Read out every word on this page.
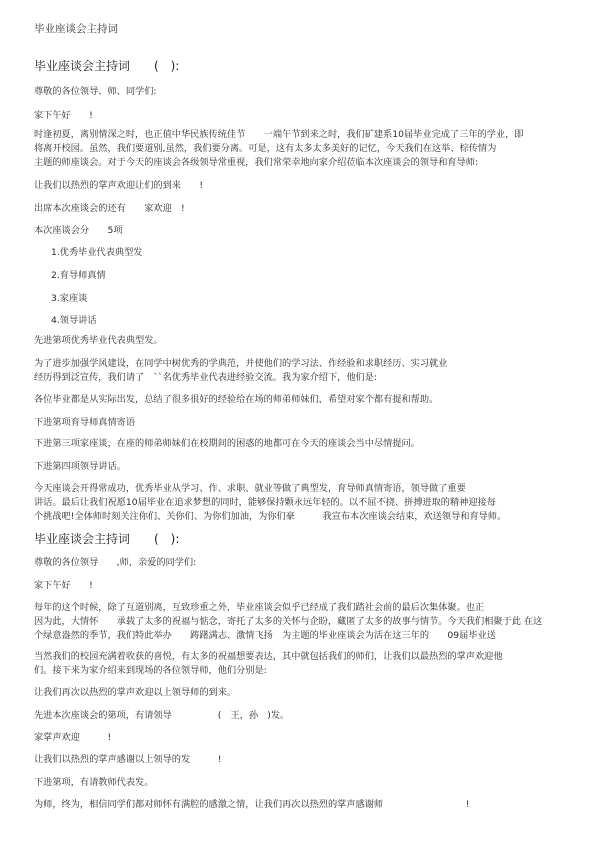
毕业座谈会主持词
毕业座谈会主持词　　(　):
尊敬的各位领导、师、同学们:
家下午好　　!
时逢初夏，离别情深之时，也正值中华民族传统佳节　　一端午节到来之时，我们矿建系10届毕业完成了三年的学业，即
将离开校园。虽然，我们要道别,虽然，我们要分离。可是，这有太多太多美好的记忆，今天我们在这举、棕传情为
主题的师座谈会。对于今天的座谈会各级领导常重视，我们常荣幸地向家介绍莅临本次座谈会的领导和育导师:
让我们以热烈的掌声欢迎让们的到来　　!
出席本次座谈会的还有　　家欢迎　!
本次座谈会分　　5项
1.优秀毕业代表典型发
2.育导师真情
3.家座谈
4.领导讲话
先进第项优秀毕业代表典型发。
为了进步加强学风建设，在同学中树优秀的学典范，并使他们的学习法、作经验和求职经历、实习就业
经历得到泛宣传，我们请了　``名优秀毕业代表进经验交流。我为家介绍下，他们是:
各位毕业都是从实际出发，总结了很多很好的经验给在场的师弟师妹们，希望对家个都有提和帮助。
下进第项育导师真情寄语
下进第三项家座谈，在座的师弟师妹们在校期间的困惑的地都可在今天的座谈会当中尽情提问。
下进第四项领导讲话。
今天座谈会开得常成功，优秀毕业从学习、作、求职、就业等做了典型发，育导师真情寄语，领导做了重要
讲话。最后让我们祝愿10届毕业在追求梦想的同时，能够保持颗永远年轻的。以不屈不挠、拼搏进取的精神迎接每
个挑战吧!全体师时刻关注你们、关你们、为你们加油，为你们豪　　　我宣布本次座谈会结束，欢送领导和育导师。
毕业座谈会主持词　　(　):
尊敬的各位领导　　,师，亲爱的同学们:
家下午好　　!
每年的这个时候，除了互道别离，互致珍重之外，毕业座谈会似乎已经成了我们踏社会前的最后次集体聚。也正
因为此，大情怀　　承载了太多的祝福与惦念，寄托了太多的关怀与企盼，藏匿了太多的故事与情节。今天我们相聚于此 在这
个绿意盎然的季节，我们特此举办　　踌躇满志、激情飞扬　为主题的毕业座谈会为活在这三年的　　09届毕业送
当然我们的校园充满着收获的喜悦，有太多的祝福想要表达，其中就包括我们的师们，让我们以最热烈的掌声欢迎他
们。接下来为家介绍来到现场的各位领导师，他们分别是:
让我们再次以热烈的掌声欢迎以上领导师的到来。
先进本次座谈会的第项，有请领导　　　　　(　王，孙　)发。
家掌声欢迎　　　!
让我们以热烈的掌声感谢以上领导的发　　　!
下进第项，有请教师代表发。
为师，终为，相信同学们都对师怀有满腔的感激之情，让我们再次以热烈的掌声感谢师　　　　　　　　　!
